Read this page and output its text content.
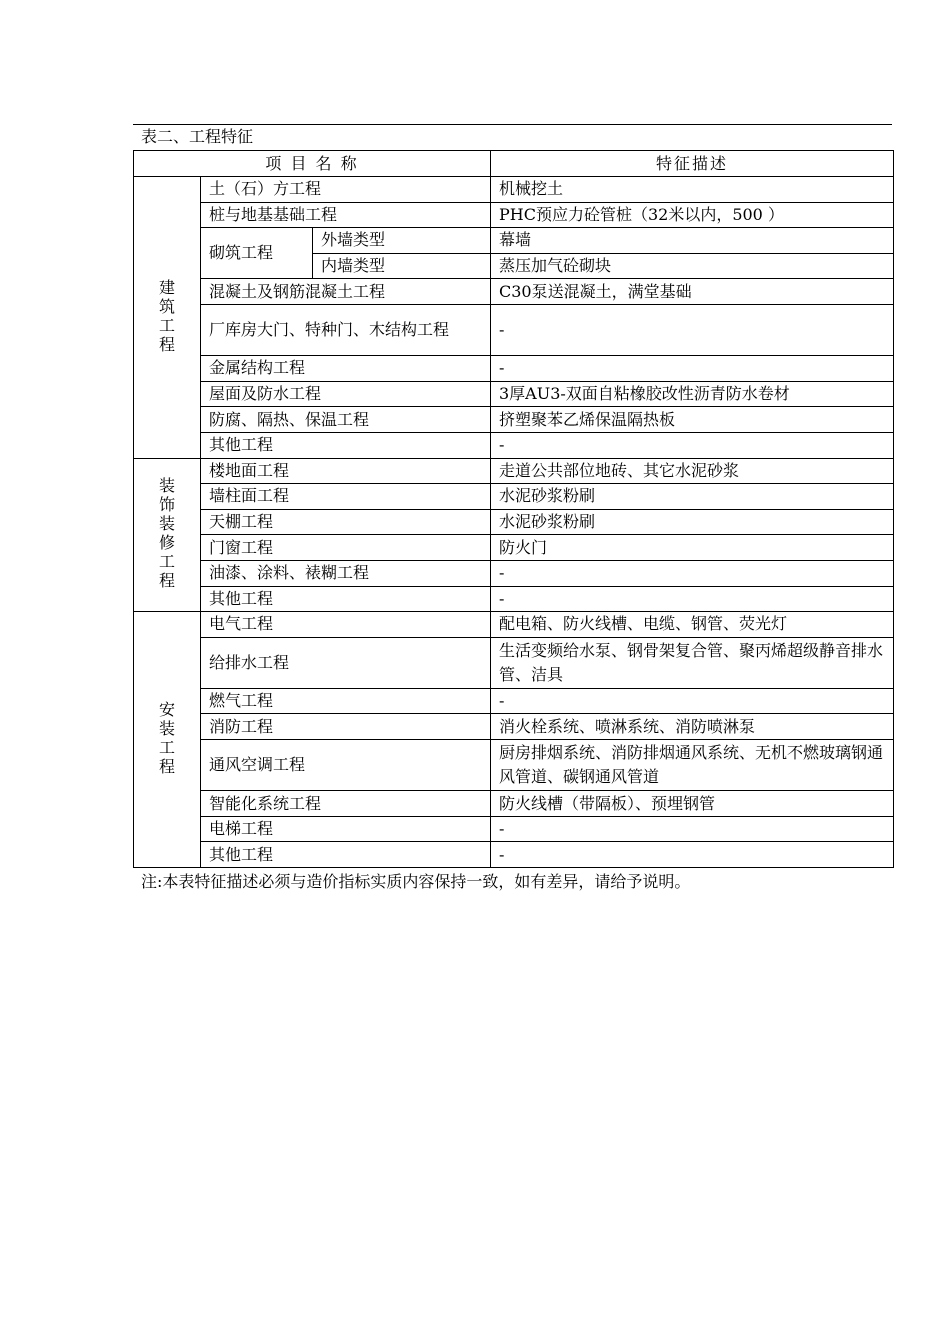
表二、工程特征
项 目 名 称			特征描述
建筑工程	土（石）方工程		机械挖土
	桩与地基基础工程		PHC预应力砼管桩（32米以内，500 ）
	砌筑工程	外墙类型	幕墙
		内墙类型	蒸压加气砼砌块
	混凝土及钢筋混凝土工程		C30泵送混凝土，满堂基础
	厂库房大门、特种门、木结构工程		-
	金属结构工程		-
	屋面及防水工程		3厚AU3-双面自粘橡胶改性沥青防水卷材
	防腐、隔热、保温工程		挤塑聚苯乙烯保温隔热板
	其他工程		-
装饰装修工程	楼地面工程		走道公共部位地砖、其它水泥砂浆
	墙柱面工程		水泥砂浆粉刷
	天棚工程		水泥砂浆粉刷
	门窗工程		防火门
	油漆、涂料、裱糊工程		-
	其他工程		-
安装工程	电气工程		配电箱、防火线槽、电缆、钢管、荧光灯
	给排水工程		生活变频给水泵、钢骨架复合管、聚丙烯超级静音排水管、洁具
	燃气工程		-
	消防工程		消火栓系统、喷淋系统、消防喷淋泵
	通风空调工程		厨房排烟系统、消防排烟通风系统、无机不燃玻璃钢通风管道、碳钢通风管道
	智能化系统工程		防火线槽（带隔板）、预埋钢管
	电梯工程		-
	其他工程		-
注:本表特征描述必须与造价指标实质内容保持一致，如有差异，请给予说明。
